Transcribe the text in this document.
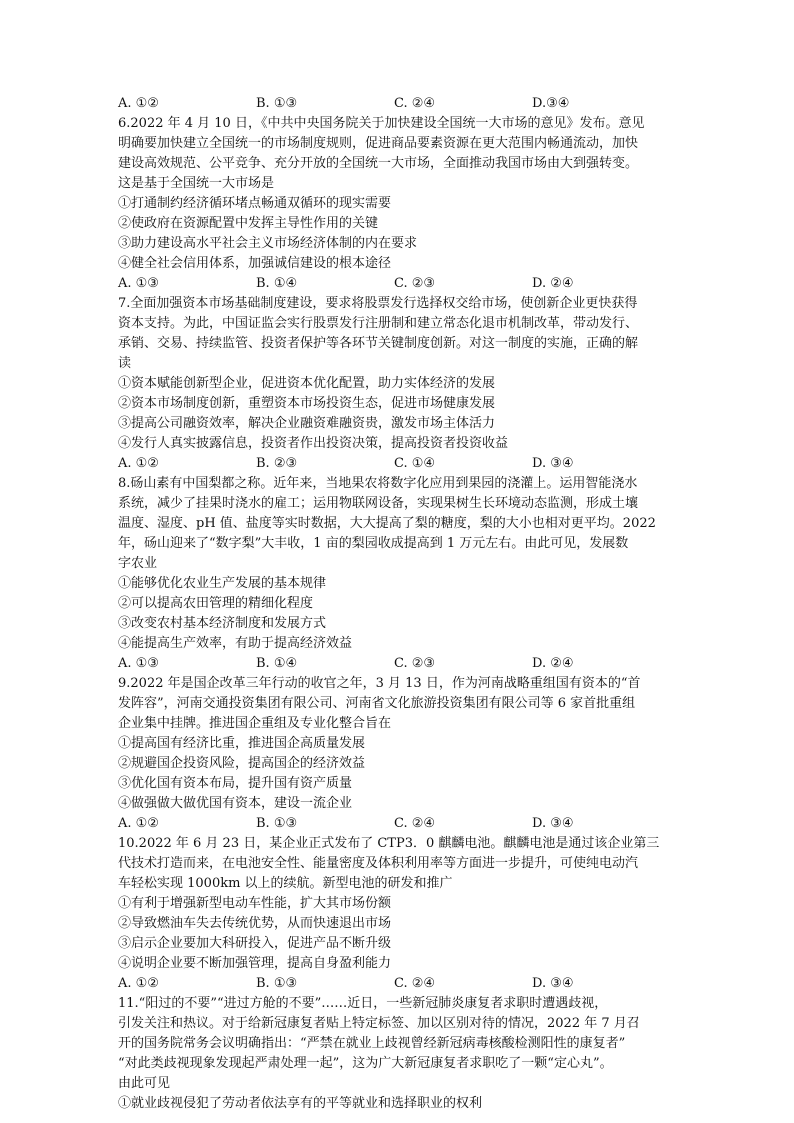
A. ①②	B. ①③	C. ②④	D.③④
6.2022 年 4 月 10 日，《中共中央国务院关于加快建设全国统一大市场的意见》发布。意见
明确要加快建立全国统一的市场制度规则，促进商品要素资源在更大范围内畅通流动，加快
建设高效规范、公平竞争、充分开放的全国统一大市场，全面推动我国市场由大到强转变。
这是基于全国统一大市场是
①打通制约经济循环堵点畅通双循环的现实需要
②使政府在资源配置中发挥主导性作用的关键
③助力建设高水平社会主义市场经济体制的内在要求
④健全社会信用体系，加强诚信建设的根本途径
A. ①③	B. ①④	C. ②③	D. ②④
7.全面加强资本市场基础制度建设，要求将股票发行选择权交给市场，使创新企业更快获得
资本支持。为此，中国证监会实行股票发行注册制和建立常态化退市机制改革，带动发行、
承销、交易、持续监管、投资者保护等各环节关键制度创新。对这一制度的实施，正确的解
读
①资本赋能创新型企业，促进资本优化配置，助力实体经济的发展
②资本市场制度创新，重塑资本市场投资生态，促进市场健康发展
③提高公司融资效率，解决企业融资难融资贵，激发市场主体活力
④发行人真实披露信息，投资者作出投资决策，提高投资者投资收益
A. ①②	B. ②③	C. ①④	D. ③④
8.砀山素有中国梨都之称。近年来，当地果农将数字化应用到果园的浇灌上。运用智能浇水
系统，减少了挂果时浇水的雇工；运用物联网设备，实现果树生长环境动态监测，形成土壤
温度、湿度、pH 值、盐度等实时数据，大大提高了梨的糖度，梨的大小也相对更平均。2022
年，砀山迎来了“数字梨”大丰收，1 亩的梨园收成提高到 1 万元左右。由此可见，发展数
字农业
①能够优化农业生产发展的基本规律
②可以提高农田管理的精细化程度
③改变农村基本经济制度和发展方式
④能提高生产效率，有助于提高经济效益
A. ①③	B. ①④	C. ②③	D. ②④
9.2022 年是国企改革三年行动的收官之年，3 月 13 日，作为河南战略重组国有资本的“首
发阵容”，河南交通投资集团有限公司、河南省文化旅游投资集团有限公司等 6 家首批重组
企业集中挂牌。推进国企重组及专业化整合旨在
①提高国有经济比重，推进国企高质量发展
②规避国企投资风险，提高国企的经济效益
③优化国有资本布局，提升国有资产质量
④做强做大做优国有资本，建设一流企业
A. ①②	B. ①③	C. ②④	D. ③④
10.2022 年 6 月 23 日，某企业正式发布了 CTP3．0 麒麟电池。麒麟电池是通过该企业第三
代技术打造而来，在电池安全性、能量密度及体积利用率等方面进一步提升，可使纯电动汽
车轻松实现 1000km 以上的续航。新型电池的研发和推广
①有利于增强新型电动车性能，扩大其市场份额
②导致燃油车失去传统优势，从而快速退出市场
③启示企业要加大科研投入，促进产品不断升级
④说明企业要不断加强管理，提高自身盈利能力
A. ①②	B. ①③	C. ②④	D. ③④
11.“阳过的不要”“进过方舱的不要”……近日，一些新冠肺炎康复者求职时遭遇歧视，
引发关注和热议。对于给新冠康复者贴上特定标签、加以区别对待的情况，2022 年 7 月召
开的国务院常务会议明确指出：“严禁在就业上歧视曾经新冠病毒核酸检测阳性的康复者”
“对此类歧视现象发现起严肃处理一起”，这为广大新冠康复者求职吃了一颗“定心丸”。
由此可见
①就业歧视侵犯了劳动者依法享有的平等就业和选择职业的权利
